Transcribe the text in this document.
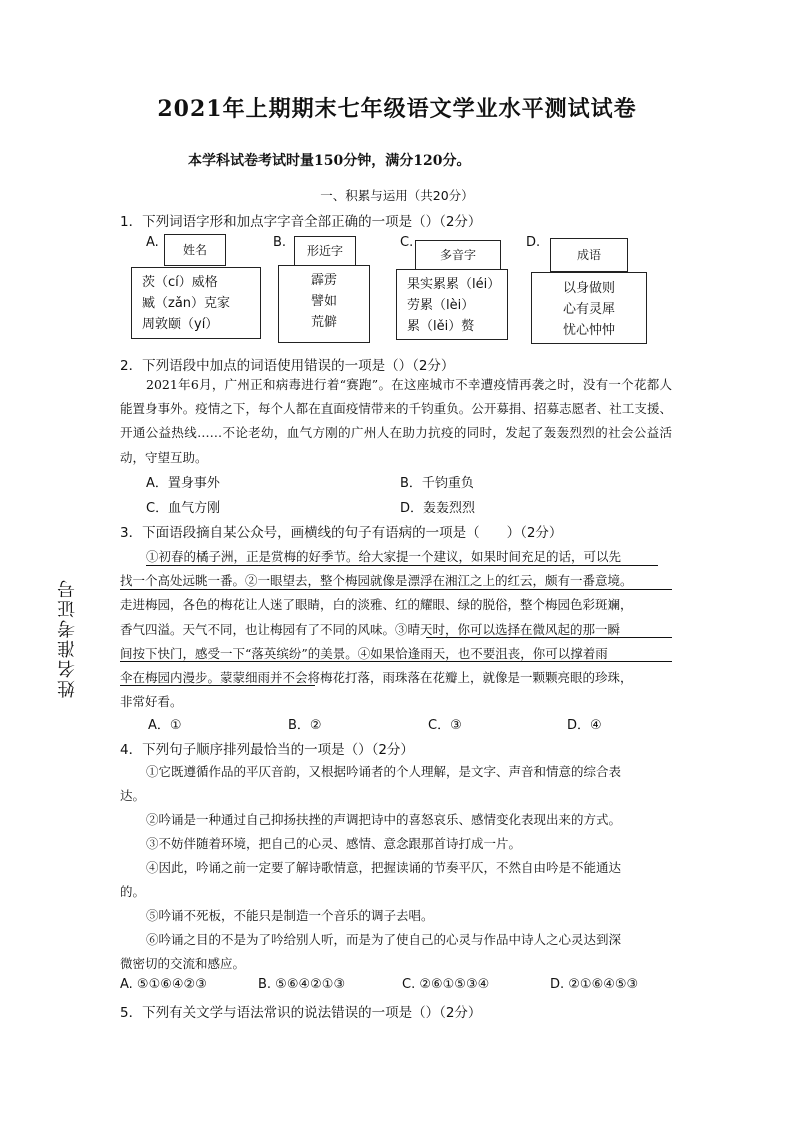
2021年上期期末七年级语文学业水平测试试卷
本学科试卷考试时量150分钟，满分120分。
姓名准考证号
一、积累与运用（共20分）
1．下列词语字形和加点字字音全部正确的一项是（）（2分）
A.
茨（cí）威格
臧（zǎn）克家
周敦颐（yí）
姓名	B.
霹雳
譬如
荒僻
形近字
C.
果实累累（léi）
劳累（lèi）
累（lěi）赘
多音字
D.
以身做则
心有灵犀
忧心忡忡
成语
2．下列语段中加点的词语使用错误的一项是（）（2分）
2021年6月，广州正和病毒进行着“赛跑”。在这座城市不幸遭疫情再袭之时，没有一个花都人能置身事外。疫情之下，每个人都在直面疫情带来的千钧重负。公开募捐、招募志愿者、社工支援、开通公益热线……不论老幼，血气方刚的广州人在助力抗疫的同时，发起了轰轰烈烈的社会公益活动，守望互助。
A．置身事外	B．千钧重负
C．血气方刚	D．轰轰烈烈
3．下面语段摘自某公众号，画横线的句子有语病的一项是（　　）（2分）
①初春的橘子洲，正是赏梅的好季节。给大家提一个建议，如果时间充足的话，可以先
找一个高处远眺一番。②一眼望去，整个梅园就像是漂浮在湘江之上的红云，颇有一番意境。
走进梅园，各色的梅花让人迷了眼睛，白的淡雅、红的耀眼、绿的脱俗，整个梅园色彩斑斓，
香气四溢。天气不同，也让梅园有了不同的风味。③晴天时，你可以选择在微风起的那一瞬
间按下快门，感受一下“落英缤纷”的美景。④如果恰逢雨天，也不要沮丧，你可以撑着雨
伞在梅园内漫步。蒙蒙细雨并不会将梅花打落，雨珠落在花瓣上，就像是一颗颗亮眼的珍珠，
非常好看。
A．①	B．②	C．③	D．④
4．下列句子顺序排列最恰当的一项是（）（2分）
①它既遵循作品的平仄音韵，又根据吟诵者的个人理解，是文字、声音和情意的综合表
达。
②吟诵是一种通过自己抑扬扶挫的声调把诗中的喜怒哀乐、感情变化表现出来的方式。
③不妨伴随着环境，把自己的心灵、感情、意念跟那首诗打成一片。
④因此，吟诵之前一定要了解诗歌情意，把握读诵的节奏平仄，不然自由吟是不能通达
的。
⑤吟诵不死板，不能只是制造一个音乐的调子去唱。
⑥吟诵之目的不是为了吟给别人听，而是为了使自己的心灵与作品中诗人之心灵达到深
微密切的交流和感应。
A. ⑤①⑥④②③	B. ⑤⑥④②①③	C. ②⑥①⑤③④	D. ②①⑥④⑤③
5．下列有关文学与语法常识的说法错误的一项是（）（2分）
